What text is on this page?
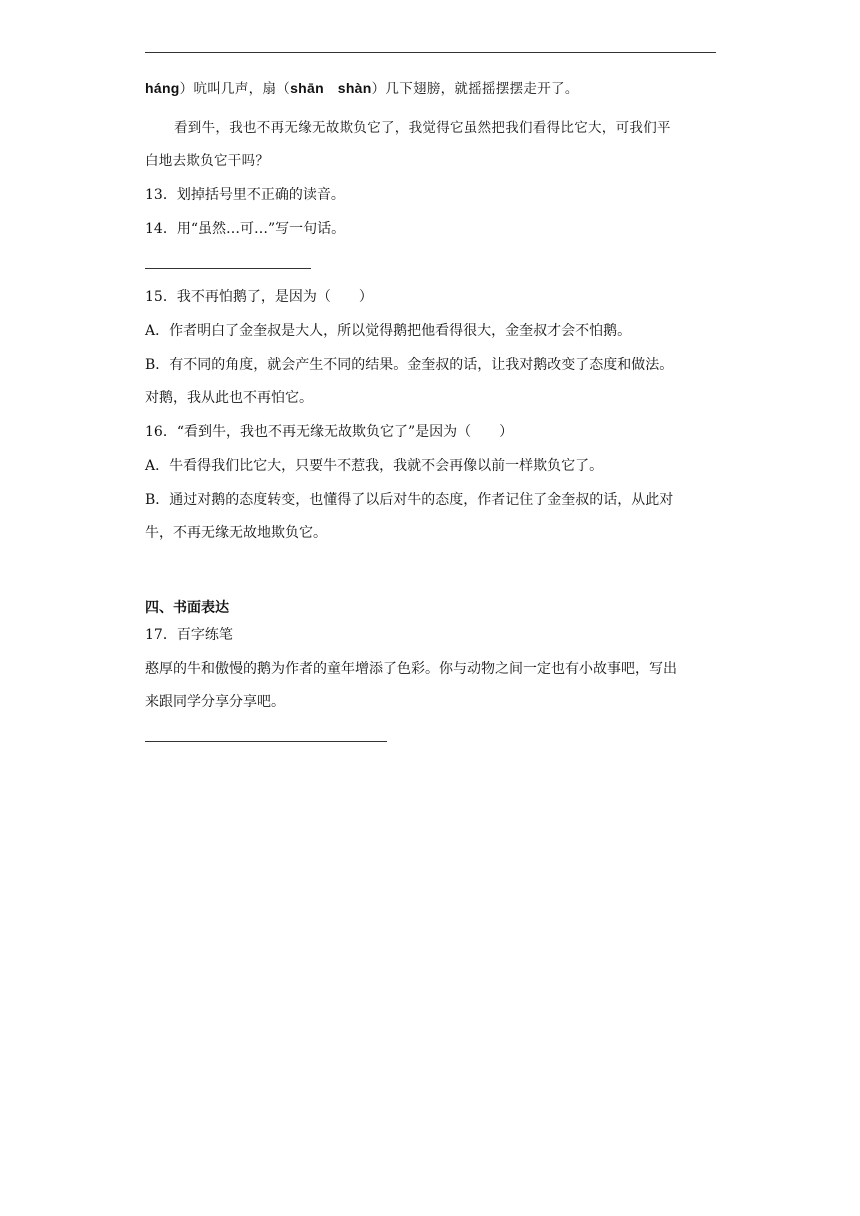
háng）吭叫几声，扇（shān shàn）几下翅膀，就摇摇摆摆走开了。
看到牛，我也不再无缘无故欺负它了，我觉得它虽然把我们看得比它大，可我们平
白地去欺负它干吗？
13．划掉括号里不正确的读音。
14．用“虽然…可…”写一句话。
15．我不再怕鹅了，是因为（　　）
A．作者明白了金奎叔是大人，所以觉得鹅把他看得很大，金奎叔才会不怕鹅。
B．有不同的角度，就会产生不同的结果。金奎叔的话，让我对鹅改变了态度和做法。
对鹅，我从此也不再怕它。
16．“看到牛，我也不再无缘无故欺负它了”是因为（　　）
A．牛看得我们比它大，只要牛不惹我，我就不会再像以前一样欺负它了。
B．通过对鹅的态度转变，也懂得了以后对牛的态度，作者记住了金奎叔的话，从此对
牛，不再无缘无故地欺负它。
四、书面表达
17．百字练笔
憨厚的牛和傲慢的鹅为作者的童年增添了色彩。你与动物之间一定也有小故事吧，写出
来跟同学分享分享吧。
